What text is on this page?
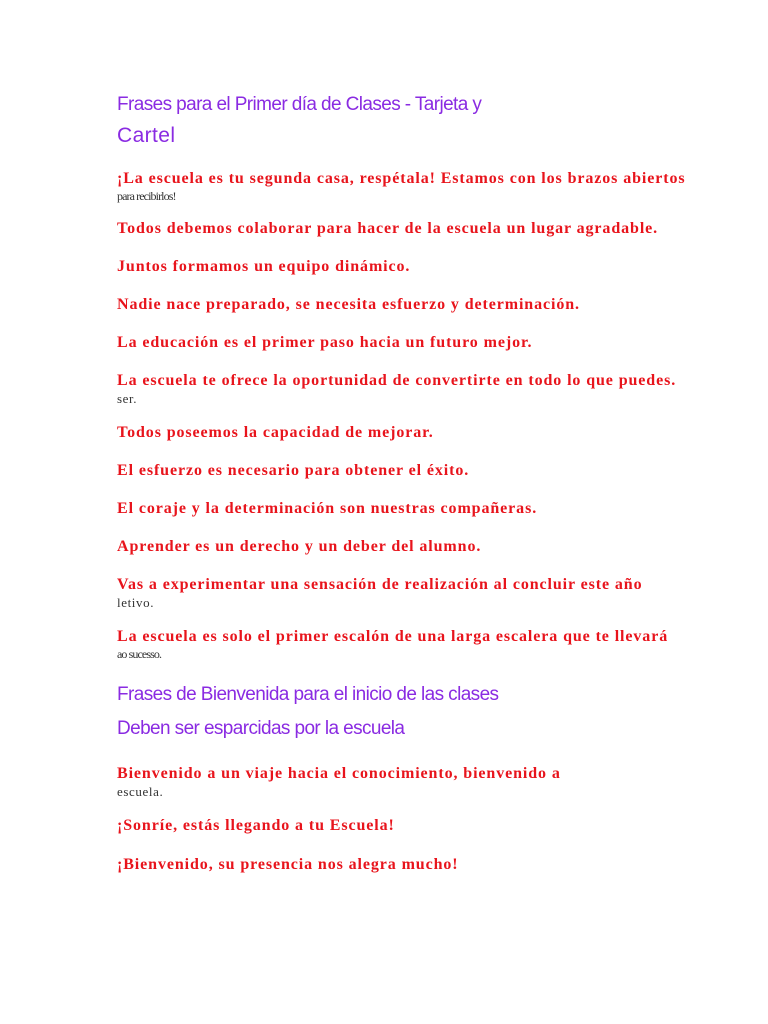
Frases para el Primer día de Clases - Tarjeta y
Cartel
¡La escuela es tu segunda casa, respétala! Estamos con los brazos abiertos
para recibirlos!
Todos debemos colaborar para hacer de la escuela un lugar agradable.
Juntos formamos un equipo dinámico.
Nadie nace preparado, se necesita esfuerzo y determinación.
La educación es el primer paso hacia un futuro mejor.
La escuela te ofrece la oportunidad de convertirte en todo lo que puedes.
ser.
Todos poseemos la capacidad de mejorar.
El esfuerzo es necesario para obtener el éxito.
El coraje y la determinación son nuestras compañeras.
Aprender es un derecho y un deber del alumno.
Vas a experimentar una sensación de realización al concluir este año
letivo.
La escuela es solo el primer escalón de una larga escalera que te llevará
ao sucesso.
Frases de Bienvenida para el inicio de las clases
Deben ser esparcidas por la escuela
Bienvenido a un viaje hacia el conocimiento, bienvenido a
escuela.
¡Sonríe, estás llegando a tu Escuela!
¡Bienvenido, su presencia nos alegra mucho!
